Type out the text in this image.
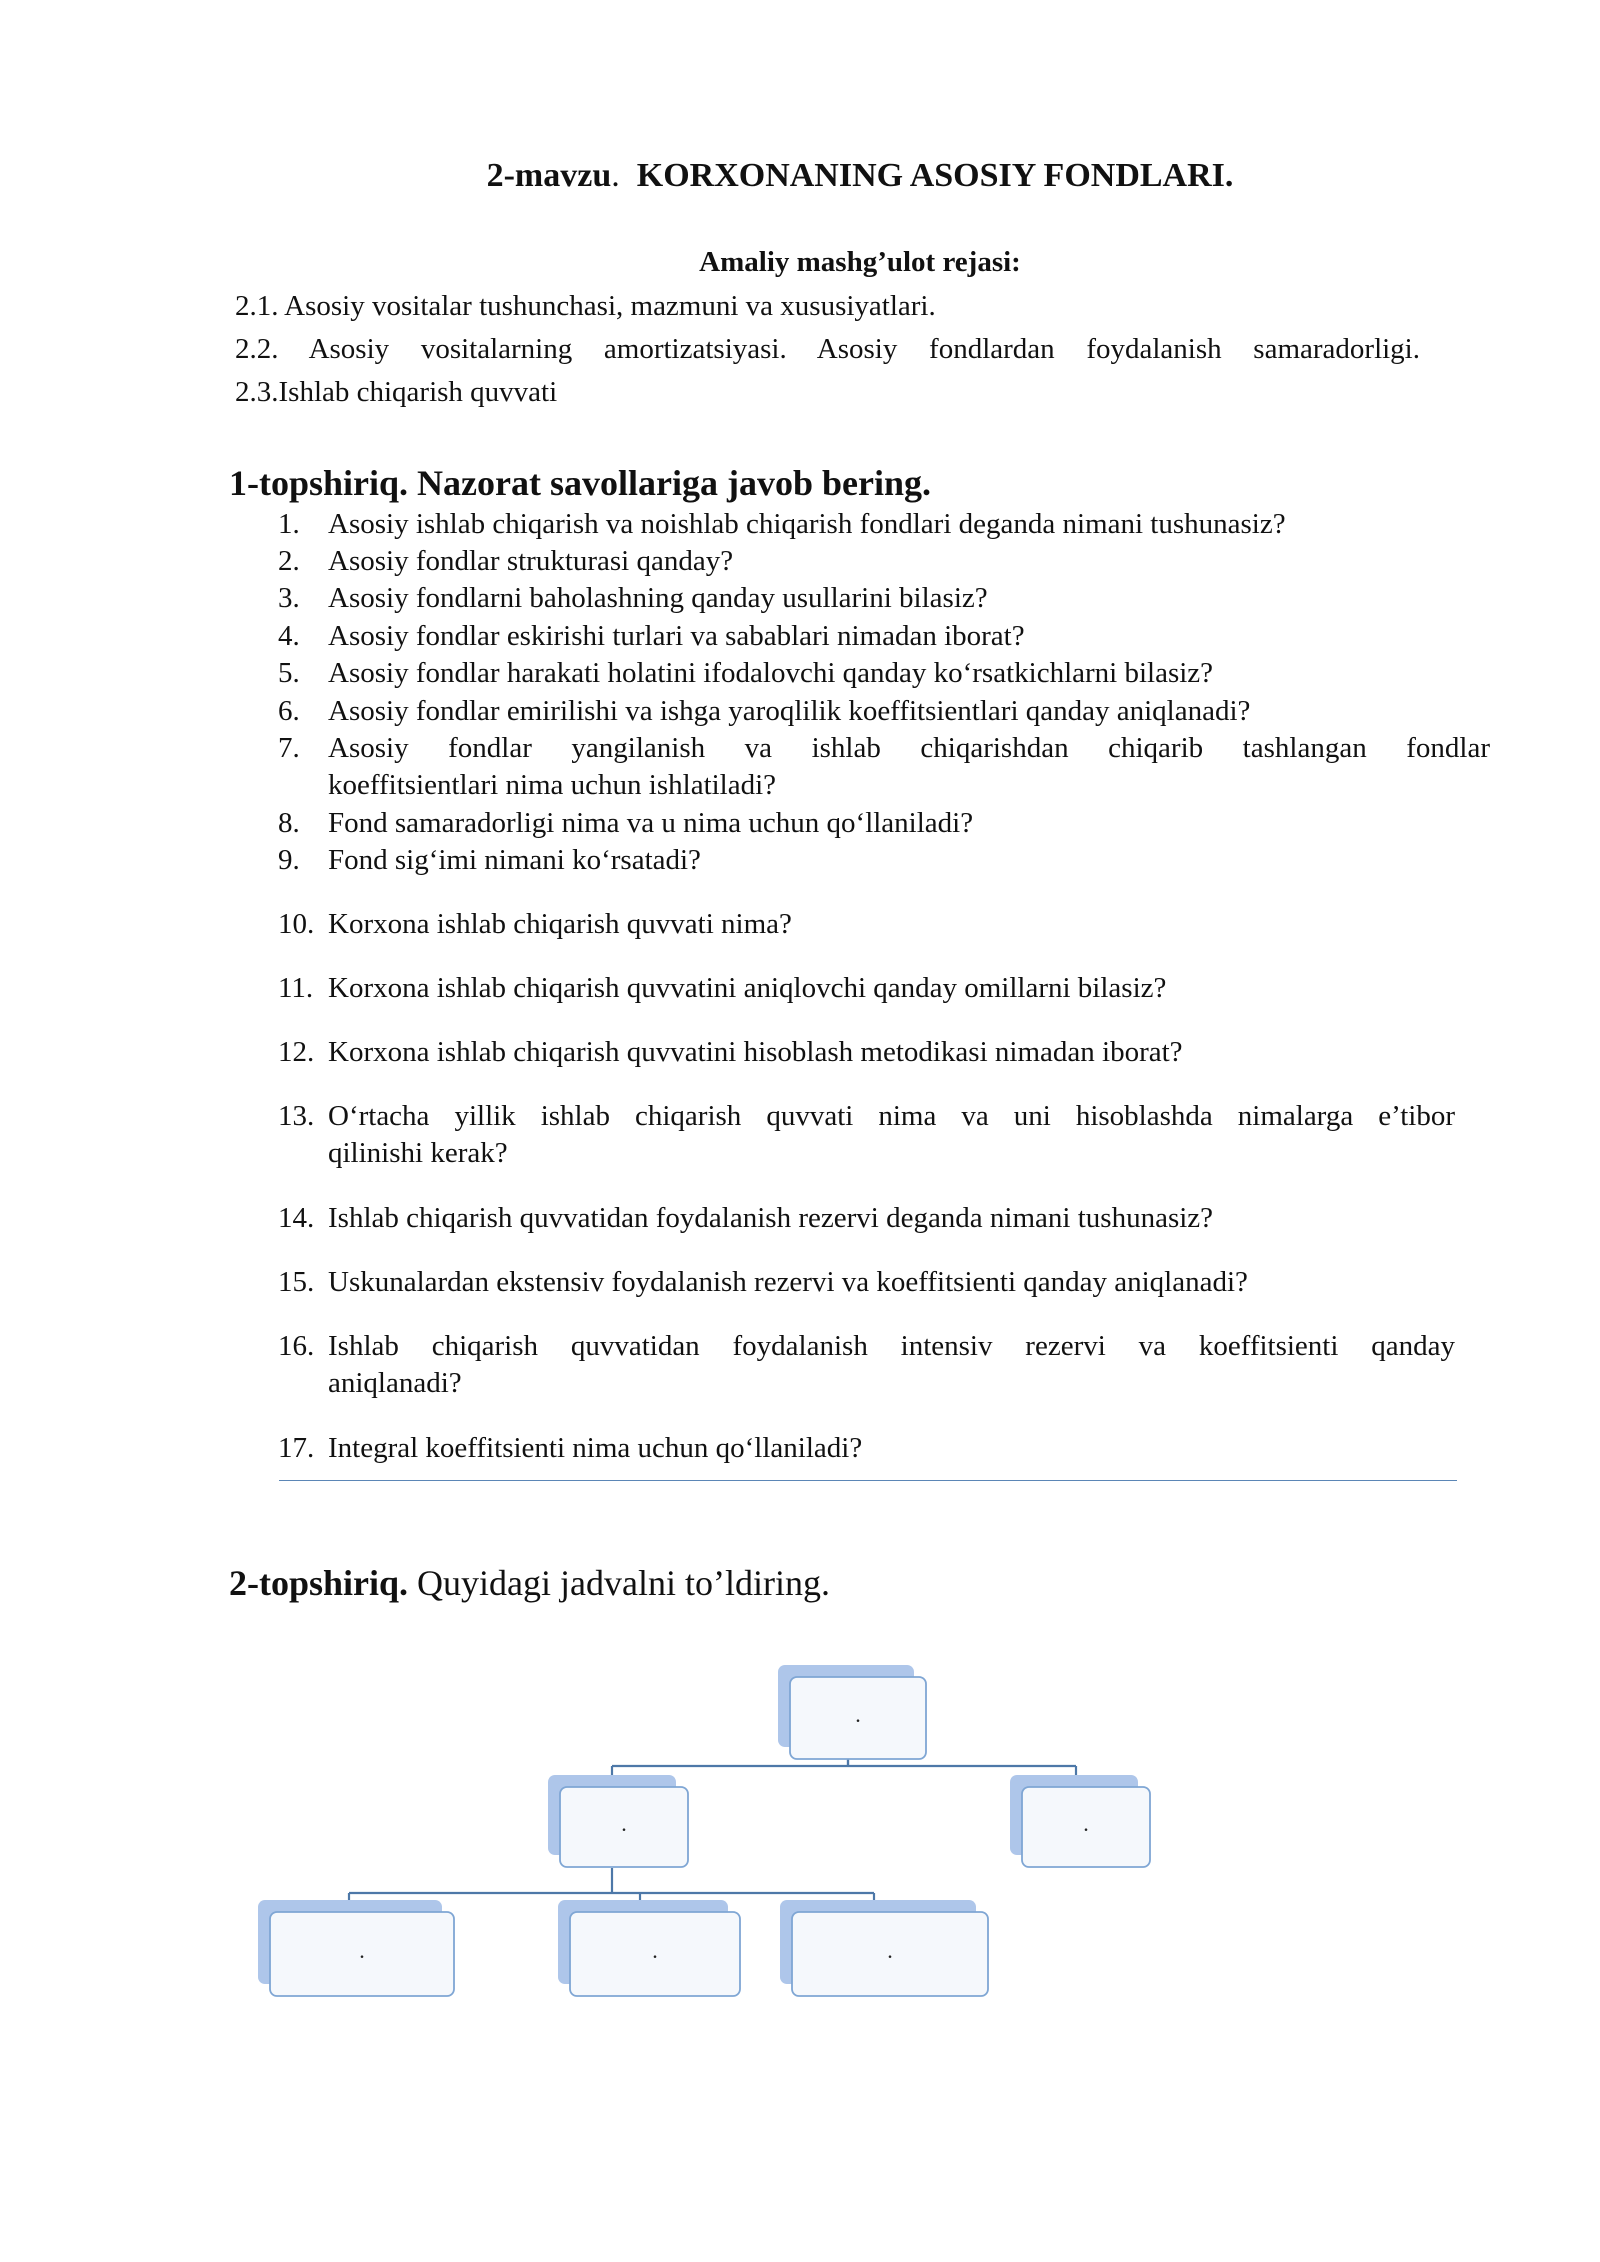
2-mavzu. KORXONANING ASOSIY FONDLARI.
Amaliy mashg’ulot rejasi:
2.1. Asosiy vositalar tushunchasi, mazmuni va xususiyatlari.
2.2. Asosiy vositalarning amortizatsiyasi. Asosiy fondlardan foydalanish samaradorligi.
2.3.Ishlab chiqarish quvvati
1-topshiriq. Nazorat savollariga javob bering.
1. Asosiy ishlab chiqarish va noishlab chiqarish fondlari deganda nimani tushunasiz?
2. Asosiy fondlar strukturasi qanday?
3. Asosiy fondlarni baholashning qanday usullarini bilasiz?
4. Asosiy fondlar eskirishi turlari va sabablari nimadan iborat?
5. Asosiy fondlar harakati holatini ifodalovchi qanday ko‘rsatkichlarni bilasiz?
6. Asosiy fondlar emirilishi va ishga yaroqlilik koeffitsientlari qanday aniqlanadi?
7. Asosiy fondlar yangilanish va ishlab chiqarishdan chiqarib tashlangan fondlar
koeffitsientlari nima uchun ishlatiladi?
8. Fond samaradorligi nima va u nima uchun qo‘llaniladi?
9. Fond sig‘imi nimani ko‘rsatadi?
10. Korxona ishlab chiqarish quvvati nima?
11. Korxona ishlab chiqarish quvvatini aniqlovchi qanday omillarni bilasiz?
12. Korxona ishlab chiqarish quvvatini hisoblash metodikasi nimadan iborat?
13. O‘rtacha yillik ishlab chiqarish quvvati nima va uni hisoblashda nimalarga e’tibor
qilinishi kerak?
14. Ishlab chiqarish quvvatidan foydalanish rezervi deganda nimani tushunasiz?
15. Uskunalardan ekstensiv foydalanish rezervi va koeffitsienti qanday aniqlanadi?
16. Ishlab chiqarish quvvatidan foydalanish intensiv rezervi va koeffitsienti qanday
aniqlanadi?
17. Integral koeffitsienti nima uchun qo‘llaniladi?
2-topshiriq. Quyidagi jadvalni to’ldiring.
.
.	.
.	.	.
